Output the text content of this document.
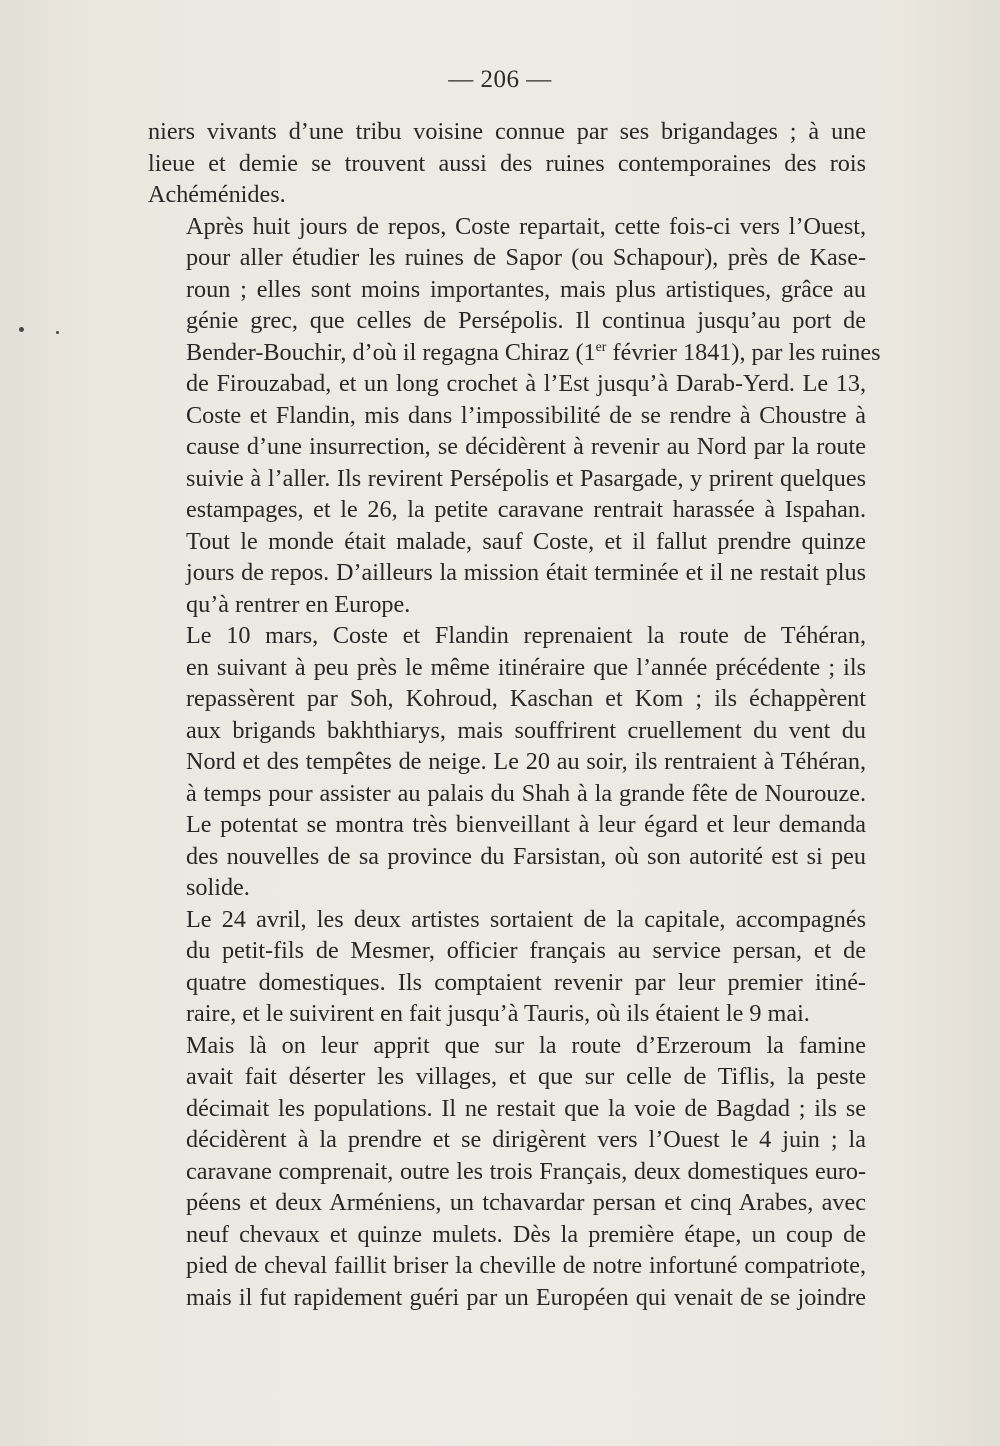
— 206 —

niers vivants d’une tribu voisine connue par ses brigandages ; à une
lieue et demie se trouvent aussi des ruines contemporaines des rois
Achéménides.

Après huit jours de repos, Coste repartait, cette fois-ci vers l’Ouest,
pour aller étudier les ruines de Sapor (ou Schapour), près de Kase-
roun ; elles sont moins importantes, mais plus artistiques, grâce au
génie grec, que celles de Persépolis. Il continua jusqu’au port de
Bender-Bouchir, d’où il regagna Chiraz (1er février 1841), par les ruines
de Firouzabad, et un long crochet à l’Est jusqu’à Darab-Yerd. Le 13,
Coste et Flandin, mis dans l’impossibilité de se rendre à Choustre à
cause d’une insurrection, se décidèrent à revenir au Nord par la route
suivie à l’aller. Ils revirent Persépolis et Pasargade, y prirent quelques
estampages, et le 26, la petite caravane rentrait harassée à Ispahan.
Tout le monde était malade, sauf Coste, et il fallut prendre quinze
jours de repos. D’ailleurs la mission était terminée et il ne restait plus
qu’à rentrer en Europe.

Le 10 mars, Coste et Flandin reprenaient la route de Téhéran,
en suivant à peu près le même itinéraire que l’année précédente ; ils
repassèrent par Soh, Kohroud, Kaschan et Kom ; ils échappèrent
aux brigands bakhthiarys, mais souffrirent cruellement du vent du
Nord et des tempêtes de neige. Le 20 au soir, ils rentraient à Téhéran,
à temps pour assister au palais du Shah à la grande fête de Nourouze.
Le potentat se montra très bienveillant à leur égard et leur demanda
des nouvelles de sa province du Farsistan, où son autorité est si peu
solide.

Le 24 avril, les deux artistes sortaient de la capitale, accompagnés
du petit-fils de Mesmer, officier français au service persan, et de
quatre domestiques. Ils comptaient revenir par leur premier itiné-
raire, et le suivirent en fait jusqu’à Tauris, où ils étaient le 9 mai.

Mais là on leur apprit que sur la route d’Erzeroum la famine
avait fait déserter les villages, et que sur celle de Tiflis, la peste
décimait les populations. Il ne restait que la voie de Bagdad ; ils se
décidèrent à la prendre et se dirigèrent vers l’Ouest le 4 juin ; la
caravane comprenait, outre les trois Français, deux domestiques euro-
péens et deux Arméniens, un tchavardar persan et cinq Arabes, avec
neuf chevaux et quinze mulets. Dès la première étape, un coup de
pied de cheval faillit briser la cheville de notre infortuné compatriote,
mais il fut rapidement guéri par un Européen qui venait de se joindre
